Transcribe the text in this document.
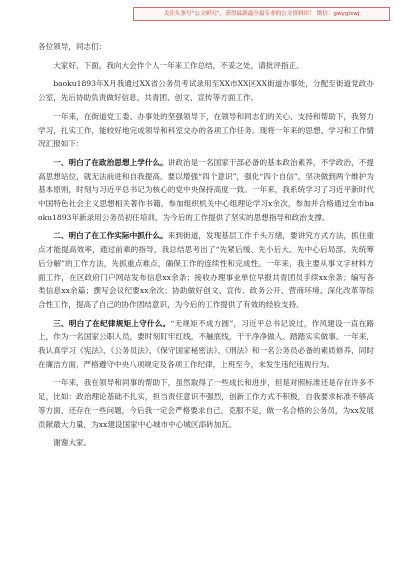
关注头条号“公文研究”，获得最新最全最专业的公文资料库！ 微信：gwyglxwj

各位领导，同志们：

大家好，下面，我向大会作个人一年来工作总结，不妥之处，请批评指正。

baoku1893年X月我通过XX省公务员考试录用至XX市XX区XX街道办事处，分配至街道党政办公室，先后协助负责做好信息、共青团、创文、宣传等方面工作。

一年来，在街道党工委、办事处的坚强领导下，在领导和同志们的关心、支持和帮助下，我努力学习，扎实工作，能较好地完成领导和科室交办的各项工作任务。现将一年来的思想、学习和工作情况汇报如下：

一、明白了在政治思想上学什么。讲政治是一名国家干部必备的基本政治素养，不学政治，不提高思想站位，就无法前进和自我提高。要以增强“四个意识”，强化“四个自信”，坚决做到两个维护为基本原则，时刻与习近平总书记为核心的党中央保持高度一致。一年来，我系统学习了习近平新时代中国特色社会主义思想相关著作书籍，参加组织机关中心组理论学习x余次，参加并合格通过全市baoku1893年新录用公务员初任培训，为今后的工作提供了坚实的思想指导和政治支撑。

二、明白了在工作实际中抓什么。来到街道，发现基层工作千头万绪，要讲究方式方法，抓住重点才能提高效率，通过前辈的指导，我总结思考出了“先紧后缓、先小后大、先中心后局部、先统筹后分解”的工作方法，先抓重点难点，确保工作的连续性和完成性。一年来，我主要从事文字材料方面工作，在区政府门户网站发布信息xx余条；接收办理事业单位早报共青团员手续xx余条；编写各类信息xx余篇；撰写会议纪要xx余次；协助做好创文、宣传、政务公开、营商环境、深化改革等综合性工作，提高了自己的协作团结意识，为今后的工作提供了有效的经验支持。

三、明白了在纪律规矩上守什么。“无规矩不成方圆”，习近平总书记说过，作风建设一直在路上，作为一名国家公职人员，要时刻盯牢红线，不触底线，干干净净做人、踏踏实实做事。一年来，我认真学习《宪法》、《公务员法》、《保守国家秘密法》、《刑法》和一名公务员必备的素质修养，同时在廉洁方面，严格遵守中央八项规定及各项工作纪律，上班至今，未发生违纪违规行为。

一年来，我在领导和同事的帮助下，虽然取得了一些成长和进步，但是对照标准还是存在许多不足，比如：政治理论基础不扎实，担当责任意识不强烈，创新工作方式不积极，自我要求标准不够高等方面，还存在一些问题，今后我一定会严格要求自己，克服不足，做一名合格的公务员，为xx发展贡献最大力量，为xx建设国家中心城市中心城区添砖加瓦。

谢谢大家。
